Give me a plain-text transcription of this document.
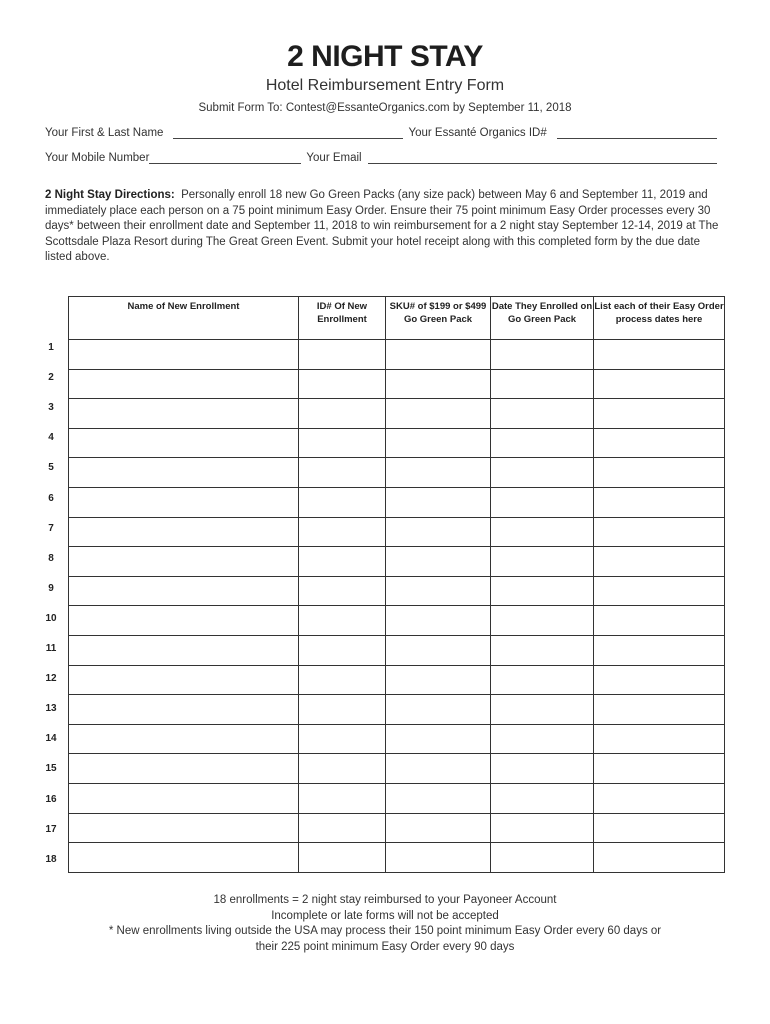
2 NIGHT STAY
Hotel Reimbursement Entry Form
Submit Form To: Contest@EssanteOrganics.com by September 11, 2018
Your First & Last Name	Your Essanté Organics ID#
Your Mobile Number	Your Email
2 Night Stay Directions: Personally enroll 18 new Go Green Packs (any size pack) between May 6 and September 11, 2019 and immediately place each person on a 75 point minimum Easy Order. Ensure their 75 point minimum Easy Order processes every 30 days* between their enrollment date and September 11, 2018 to win reimbursement for a 2 night stay September 12-14, 2019 at The Scottsdale Plaza Resort during The Great Green Event. Submit your hotel receipt along with this completed form by the due date listed above.
Name of New Enrollment	ID# Of New Enrollment	SKU# of $199 or $499 Go Green Pack	Date They Enrolled on Go Green Pack	List each of their Easy Order process dates here

1
2
3
4
5
6
7
8
9
10
11
12
13
14
15
16
17
18
18 enrollments = 2 night stay reimbursed to your Payoneer Account
Incomplete or late forms will not be accepted
* New enrollments living outside the USA may process their 150 point minimum Easy Order every 60 days or
their 225 point minimum Easy Order every 90 days
